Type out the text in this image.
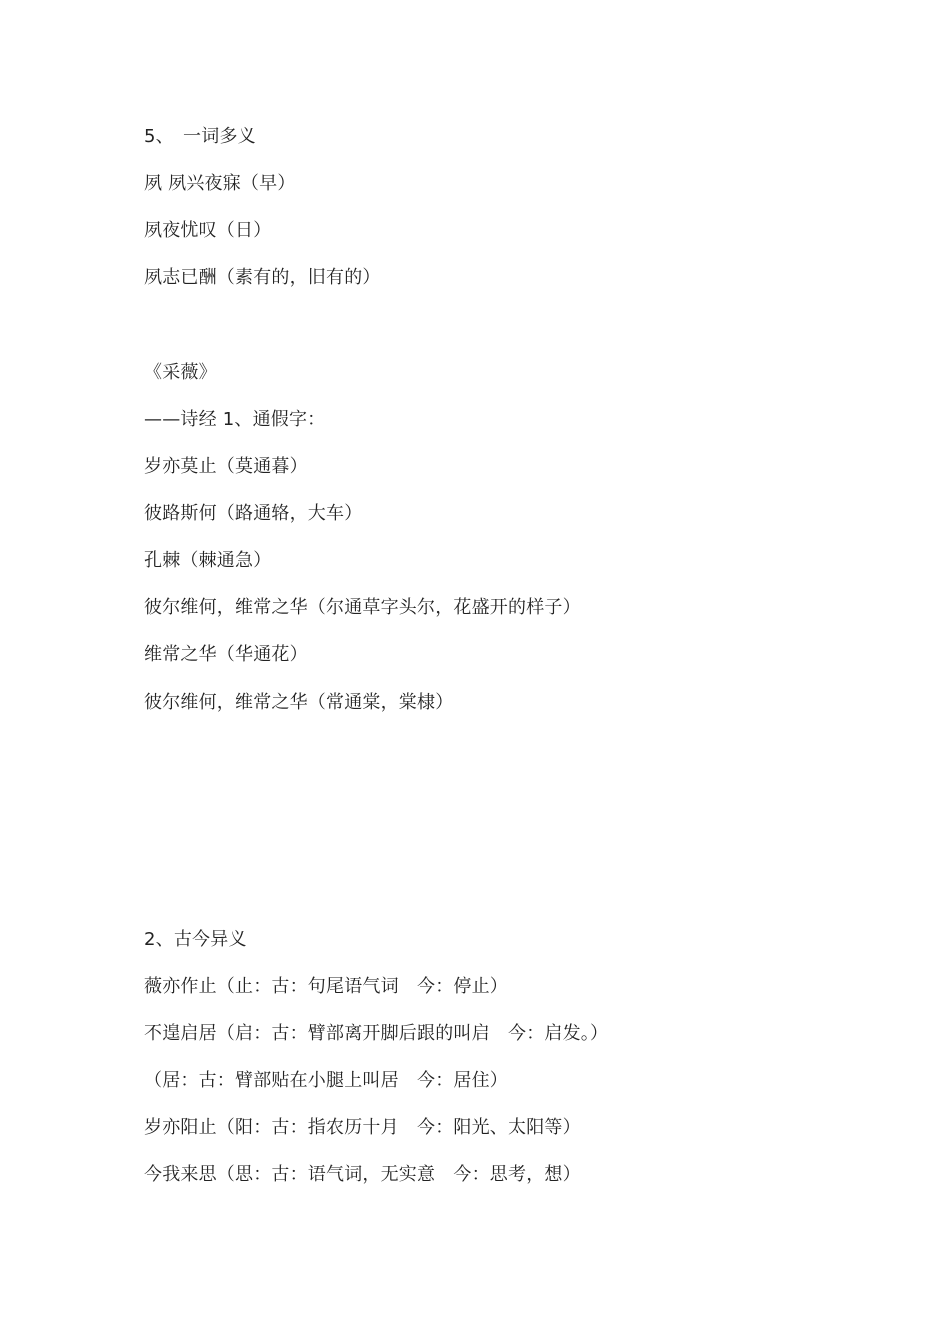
5、　一词多义
夙 夙兴夜寐（早）
夙夜忧叹（日）
夙志已酬（素有的，旧有的）
《采薇》
——诗经 1、通假字：
岁亦莫止（莫通暮）
彼路斯何（路通辂，大车）
孔棘（棘通急）
彼尔维何，维常之华（尔通草字头尔，花盛开的样子）
维常之华（华通花）
彼尔维何，维常之华（常通棠，棠棣）
2、古今异义
薇亦作止（止：古：句尾语气词　今：停止）
不遑启居（启：古：臂部离开脚后跟的叫启　今：启发。）
（居：古：臂部贴在小腿上叫居　今：居住）
岁亦阳止（阳：古：指农历十月　今：阳光、太阳等）
今我来思（思：古：语气词，无实意　今：思考，想）
